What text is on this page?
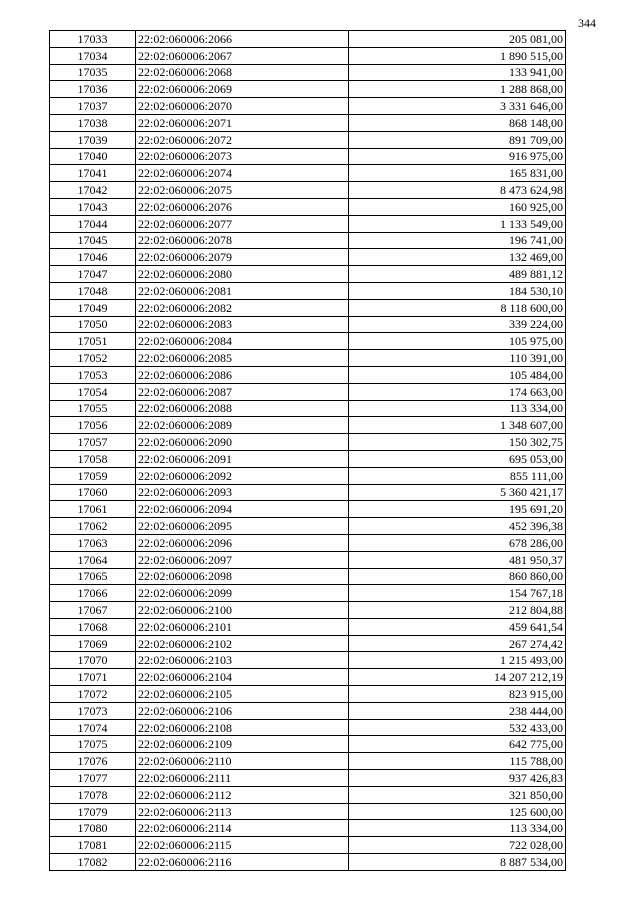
344
17033	22:02:060006:2066	205 081,00
17034	22:02:060006:2067	1 890 515,00
17035	22:02:060006:2068	133 941,00
17036	22:02:060006:2069	1 288 868,00
17037	22:02:060006:2070	3 331 646,00
17038	22:02:060006:2071	868 148,00
17039	22:02:060006:2072	891 709,00
17040	22:02:060006:2073	916 975,00
17041	22:02:060006:2074	165 831,00
17042	22:02:060006:2075	8 473 624,98
17043	22:02:060006:2076	160 925,00
17044	22:02:060006:2077	1 133 549,00
17045	22:02:060006:2078	196 741,00
17046	22:02:060006:2079	132 469,00
17047	22:02:060006:2080	489 881,12
17048	22:02:060006:2081	184 530,10
17049	22:02:060006:2082	8 118 600,00
17050	22:02:060006:2083	339 224,00
17051	22:02:060006:2084	105 975,00
17052	22:02:060006:2085	110 391,00
17053	22:02:060006:2086	105 484,00
17054	22:02:060006:2087	174 663,00
17055	22:02:060006:2088	113 334,00
17056	22:02:060006:2089	1 348 607,00
17057	22:02:060006:2090	150 302,75
17058	22:02:060006:2091	695 053,00
17059	22:02:060006:2092	855 111,00
17060	22:02:060006:2093	5 360 421,17
17061	22:02:060006:2094	195 691,20
17062	22:02:060006:2095	452 396,38
17063	22:02:060006:2096	678 286,00
17064	22:02:060006:2097	481 950,37
17065	22:02:060006:2098	860 860,00
17066	22:02:060006:2099	154 767,18
17067	22:02:060006:2100	212 804,88
17068	22:02:060006:2101	459 641,54
17069	22:02:060006:2102	267 274,42
17070	22:02:060006:2103	1 215 493,00
17071	22:02:060006:2104	14 207 212,19
17072	22:02:060006:2105	823 915,00
17073	22:02:060006:2106	238 444,00
17074	22:02:060006:2108	532 433,00
17075	22:02:060006:2109	642 775,00
17076	22:02:060006:2110	115 788,00
17077	22:02:060006:2111	937 426,83
17078	22:02:060006:2112	321 850,00
17079	22:02:060006:2113	125 600,00
17080	22:02:060006:2114	113 334,00
17081	22:02:060006:2115	722 028,00
17082	22:02:060006:2116	8 887 534,00
